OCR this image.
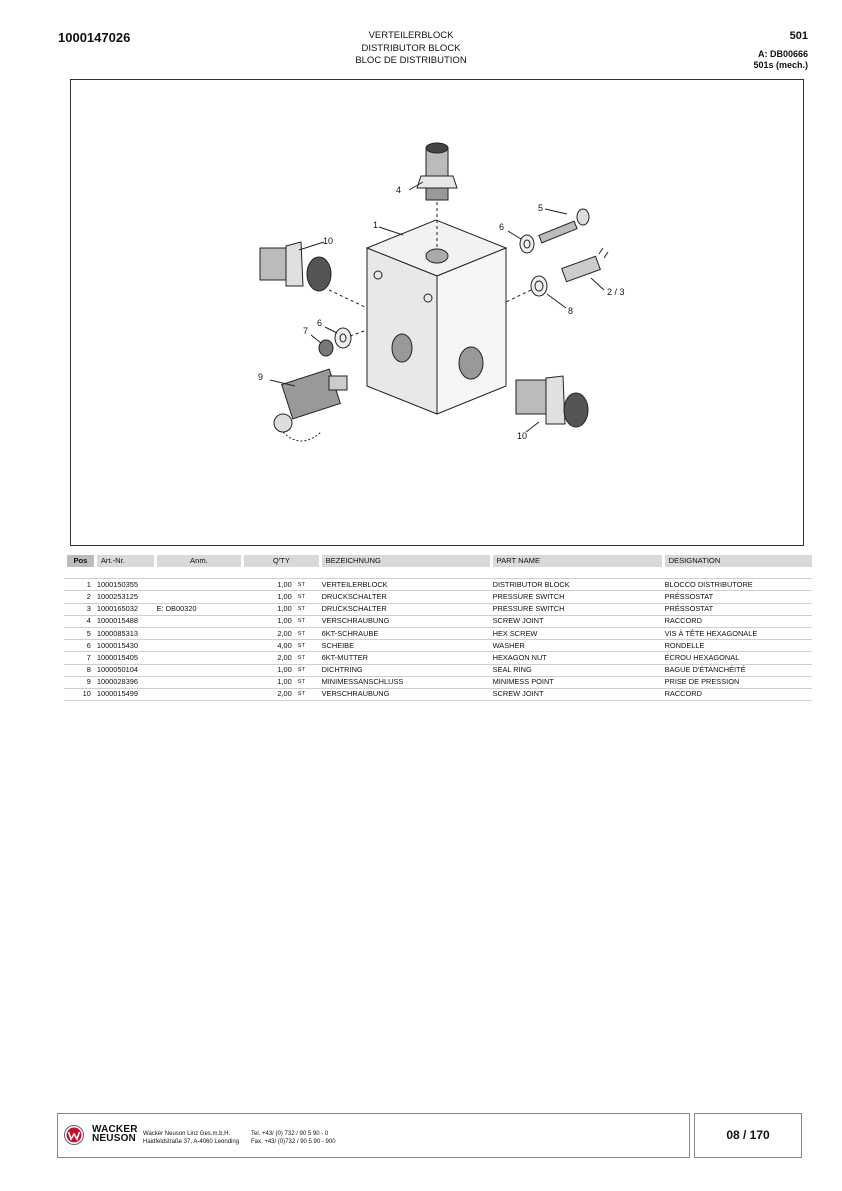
1000147026	VERTEILERBLOCK
DISTRIBUTOR BLOCK
BLOC DE DISTRIBUTION
501
A: DB00666
501s (mech.)
1
2 / 3
4
5
6
6
7
8
9
10
10
Pos	Art.-Nr.	Anm.	Q'TY		BEZEICHNUNG	PART NAME	DESIGNATION

1	1000150355		1,00	ST	VERTEILERBLOCK	DISTRIBUTOR BLOCK	BLOCCO DISTRIBUTORE
2	1000253125		1,00	ST	DRUCKSCHALTER	PRESSURE SWITCH	PRÉSSOSTAT
3	1000165032	E: DB00320	1,00	ST	DRUCKSCHALTER	PRESSURE SWITCH	PRÉSSOSTAT
4	1000015488		1,00	ST	VERSCHRAUBUNG	SCREW JOINT	RACCORD
5	1000085313		2,00	ST	6KT-SCHRAUBE	HEX SCREW	VIS À TÊTE HEXAGONALE
6	1000015430		4,00	ST	SCHEIBE	WASHER	RONDELLE
7	1000015405		2,00	ST	6KT-MUTTER	HEXAGON NUT	ÉCROU HEXAGONAL
8	1000050104		1,00	ST	DICHTRING	SEAL RING	BAGUE D'ÉTANCHÉITÉ
9	1000028396		1,00	ST	MINIMESSANSCHLUSS	MINIMESS POINT	PRISE DE PRESSION
10	1000015499		2,00	ST	VERSCHRAUBUNG	SCREW JOINT	RACCORD
WACKER
NEUSON Wacker Neuson Linz Ges.m.b.H.
Haidfeldstraße 37, A-4060 Leonding
Tel. +43/ (0) 732 / 90 5 90 - 0
Fax. +43/ (0)732 / 90 5 90 - 900	08 / 170
